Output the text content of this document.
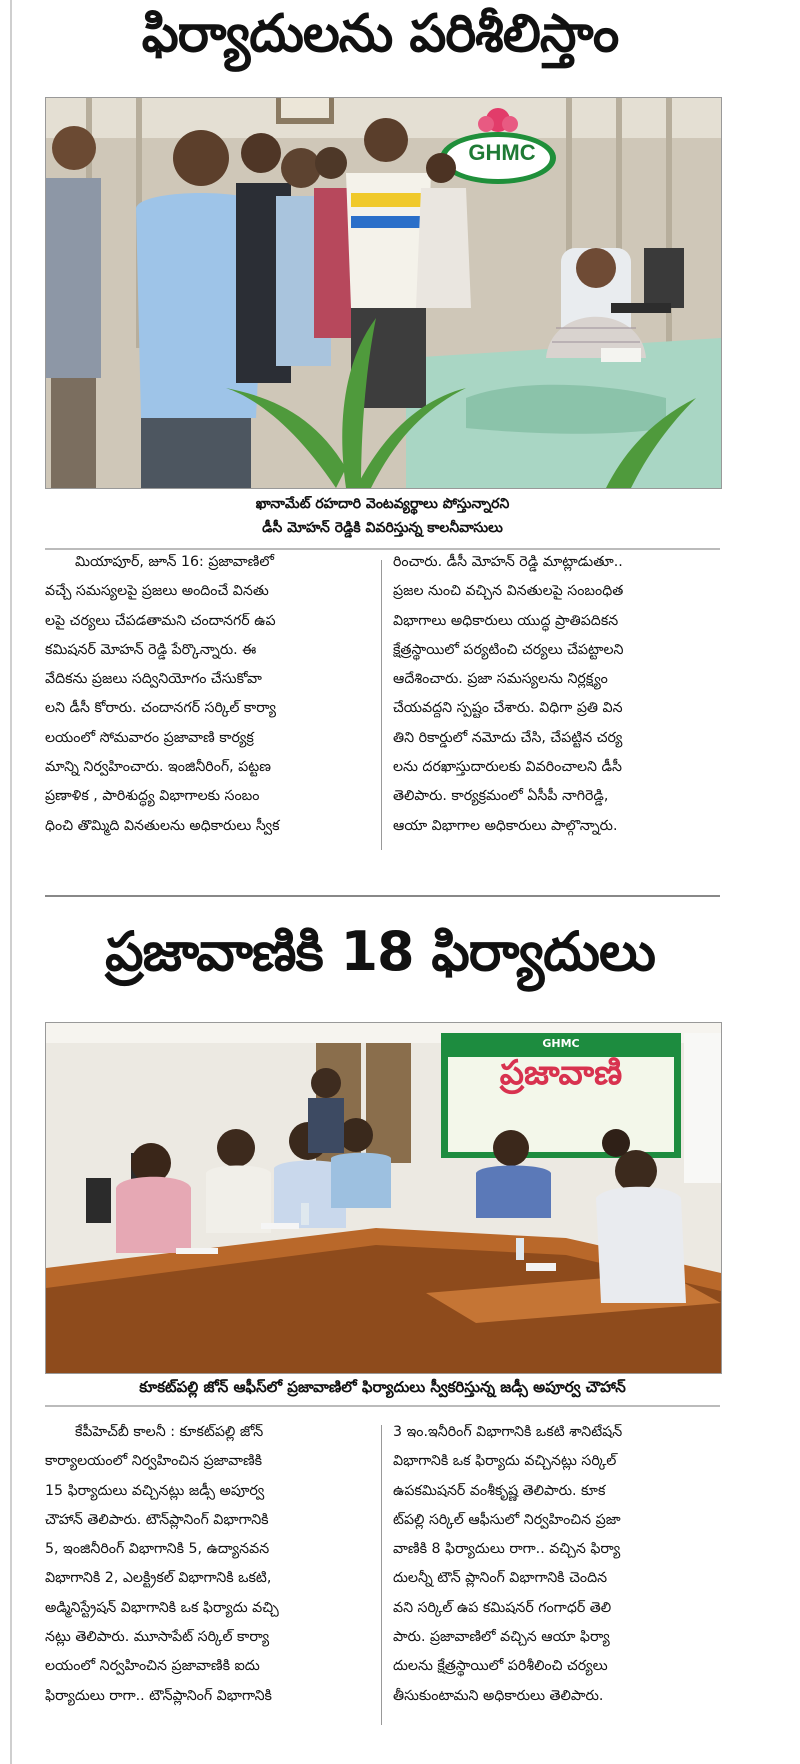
ఫిర్యాదులను పరిశీలిస్తాం
ఖానామేట్ రహదారి వెంటవ్యర్థాలు పోస్తున్నారని
డీసీ మోహన్ రెడ్డికి వివరిస్తున్న కాలనీవాసులు

మియాపూర్, జూన్ 16: ప్రజావాణిలో

వచ్చే సమస్యలపై ప్రజలు అందించే వినతు

లపై చర్యలు చేపడతామని చందానగర్ ఉప

కమిషనర్ మోహన్ రెడ్డి పేర్కొన్నారు. ఈ

వేదికను ప్రజలు సద్వినియోగం చేసుకోవా

లని డీసీ కోరారు. చందానగర్ సర్కిల్ కార్యా

లయంలో సోమవారం ప్రజావాణి కార్యక్ర

మాన్ని నిర్వహించారు. ఇంజినీరింగ్, పట్టణ

ప్రణాళిక , పారిశుద్ధ్య విభాగాలకు సంబం

ధించి తొమ్మిది వినతులను అధికారులు స్వీక

రించారు. డీసీ మోహన్ రెడ్డి మాట్లాడుతూ..

ప్రజల నుంచి వచ్చిన వినతులపై సంబంధిత

విభాగాలు అధికారులు యుద్ధ ప్రాతిపదికన

క్షేత్రస్థాయిలో పర్యటించి చర్యలు చేపట్టాలని

ఆదేశించారు. ప్రజా సమస్యలను నిర్లక్ష్యం

చేయవద్దని స్పష్టం చేశారు. విధిగా ప్రతి విన

తిని రికార్డులో నమోదు చేసి, చేపట్టిన చర్య

లను దరఖాస్తుదారులకు వివరించాలని డీసీ

తెలిపారు. కార్యక్రమంలో ఏసీపీ నాగిరెడ్డి,

ఆయా విభాగాల అధికారులు పాల్గొన్నారు.

ప్రజావాణికి 18 ఫిర్యాదులు
ప్రజావాణి
GHMC
GHMC
కూకట్‌పల్లి జోన్ ఆఫీస్‌లో ప్రజావాణిలో ఫిర్యాదులు స్వీకరిస్తున్న జడ్సీ అపూర్వ చౌహాన్

కేపీహెచ్‌బీ కాలనీ : కూకట్‌పల్లి జోన్

కార్యాలయంలో నిర్వహించిన ప్రజావాణికి

15 ఫిర్యాదులు వచ్చినట్లు జడ్సీ అపూర్వ

చౌహాన్ తెలిపారు. టౌన్‌ప్లానింగ్ విభాగానికి

5, ఇంజినీరింగ్ విభాగానికి 5, ఉద్యానవన

విభాగానికి 2, ఎలక్ట్రికల్ విభాగానికి ఒకటి,

అడ్మినిస్ట్రేషన్ విభాగానికి ఒక ఫిర్యాదు వచ్చి

నట్లు తెలిపారు. మూసాపేట్ సర్కిల్ కార్యా

లయంలో నిర్వహించిన ప్రజావాణికి ఐదు

ఫిర్యాదులు రాగా.. టౌన్‌ప్లానింగ్ విభాగానికి

3 ఇం.ఇనీరింగ్ విభాగానికి ఒకటి శానిటేషన్

విభాగానికి ఒక ఫిర్యాదు వచ్చినట్లు సర్కిల్

ఉపకమిషనర్ వంశీకృష్ణ తెలిపారు. కూక

ట్‌పల్లి సర్కిల్ ఆఫీసులో నిర్వహించిన ప్రజా

వాణికి 8 ఫిర్యాదులు రాగా.. వచ్చిన ఫిర్యా

దులన్నీ టౌన్ ప్లానింగ్ విభాగానికి చెందిన

వని సర్కిల్ ఉప కమిషనర్ గంగాధర్ తెలి

పారు. ప్రజావాణిలో వచ్చిన ఆయా ఫిర్యా

దులను క్షేత్రస్థాయిలో పరిశీలించి చర్యలు

తీసుకుంటామని అధికారులు తెలిపారు.
